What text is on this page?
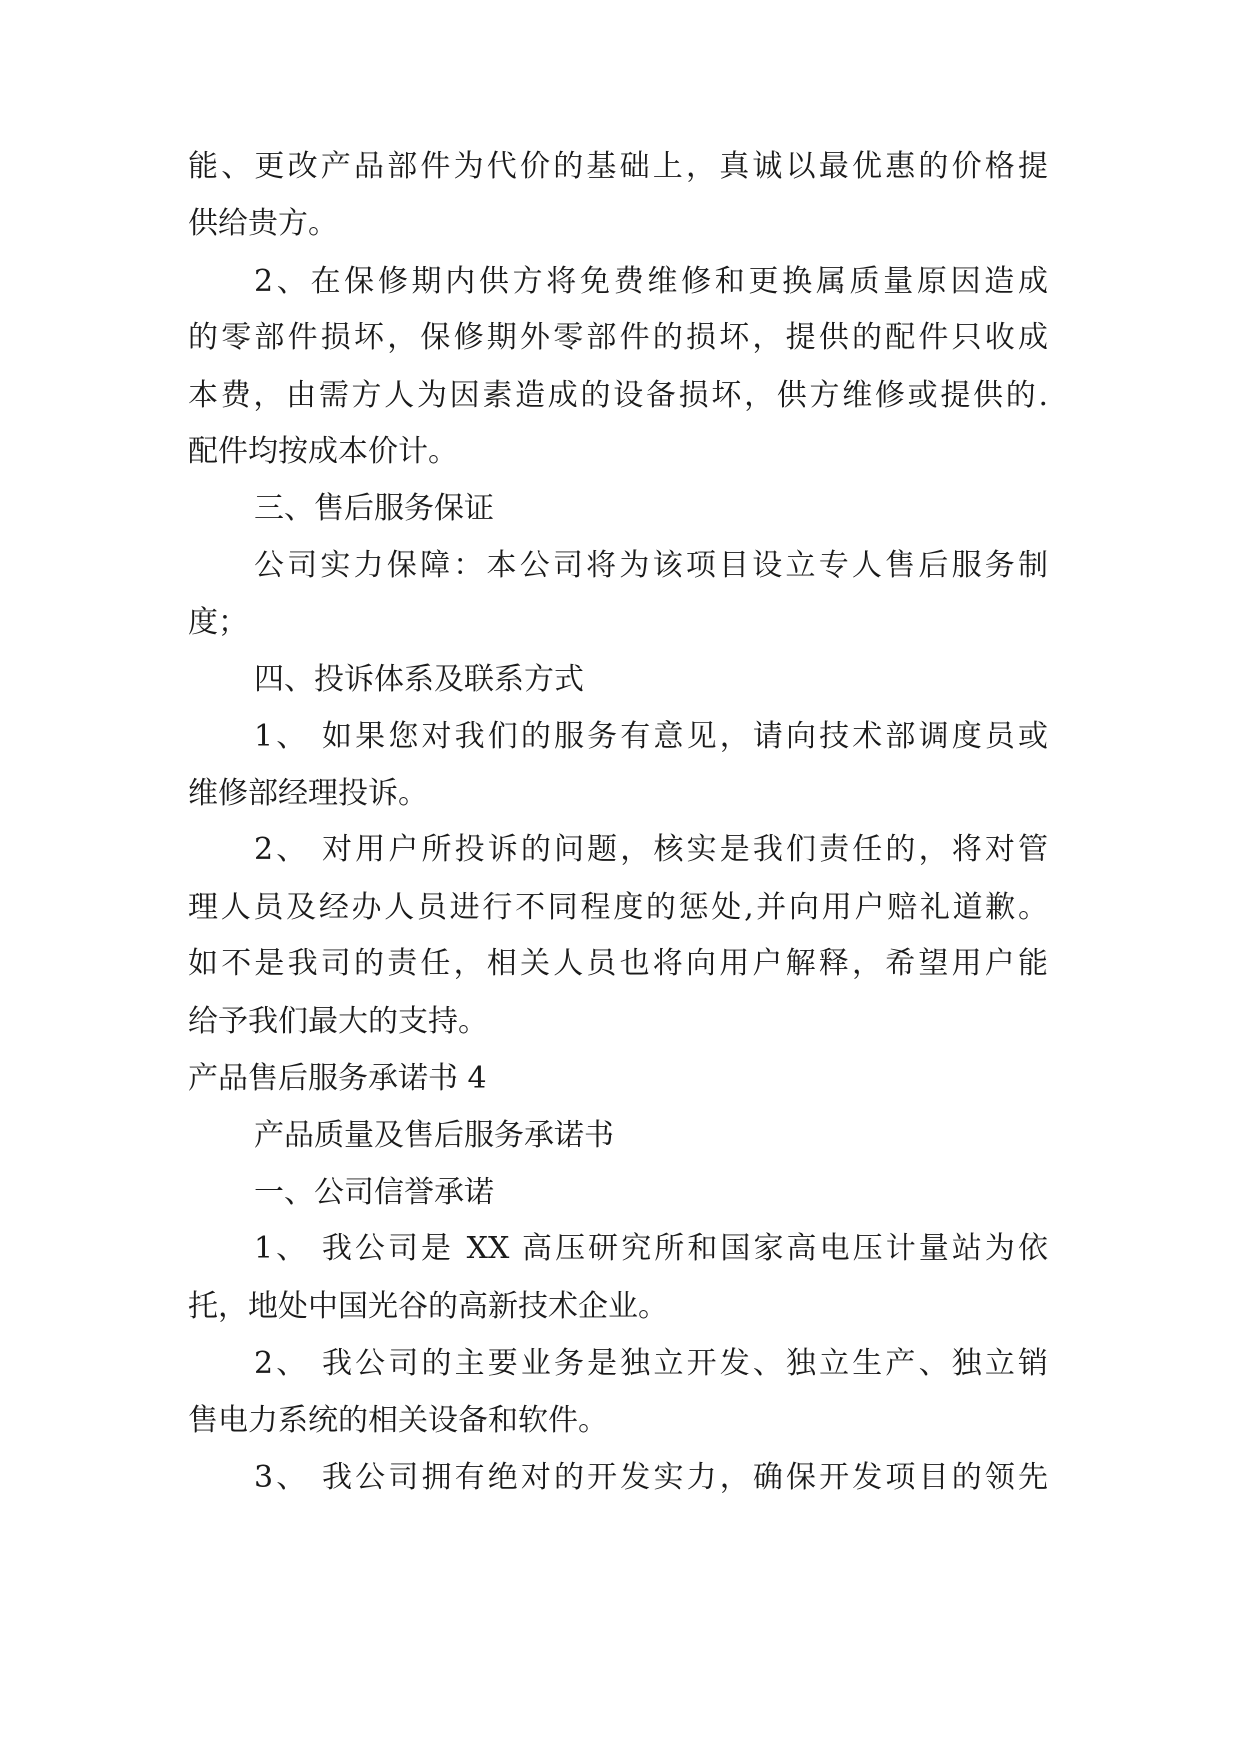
能、更改产品部件为代价的基础上，真诚以最优惠的价格提
供给贵方。
2、在保修期内供方将免费维修和更换属质量原因造成
的零部件损坏，保修期外零部件的损坏，提供的配件只收成
本费，由需方人为因素造成的设备损坏，供方维修或提供的.
配件均按成本价计。
三、售后服务保证
公司实力保障：本公司将为该项目设立专人售后服务制
度；
四、投诉体系及联系方式
1、 如果您对我们的服务有意见，请向技术部调度员或
维修部经理投诉。
2、 对用户所投诉的问题，核实是我们责任的，将对管
理人员及经办人员进行不同程度的惩处,并向用户赔礼道歉。
如不是我司的责任，相关人员也将向用户解释，希望用户能
给予我们最大的支持。
产品售后服务承诺书 4
产品质量及售后服务承诺书
一、公司信誉承诺
1、 我公司是 XX 高压研究所和国家高电压计量站为依
托，地处中国光谷的高新技术企业。
2、 我公司的主要业务是独立开发、独立生产、独立销
售电力系统的相关设备和软件。
3、 我公司拥有绝对的开发实力，确保开发项目的领先
